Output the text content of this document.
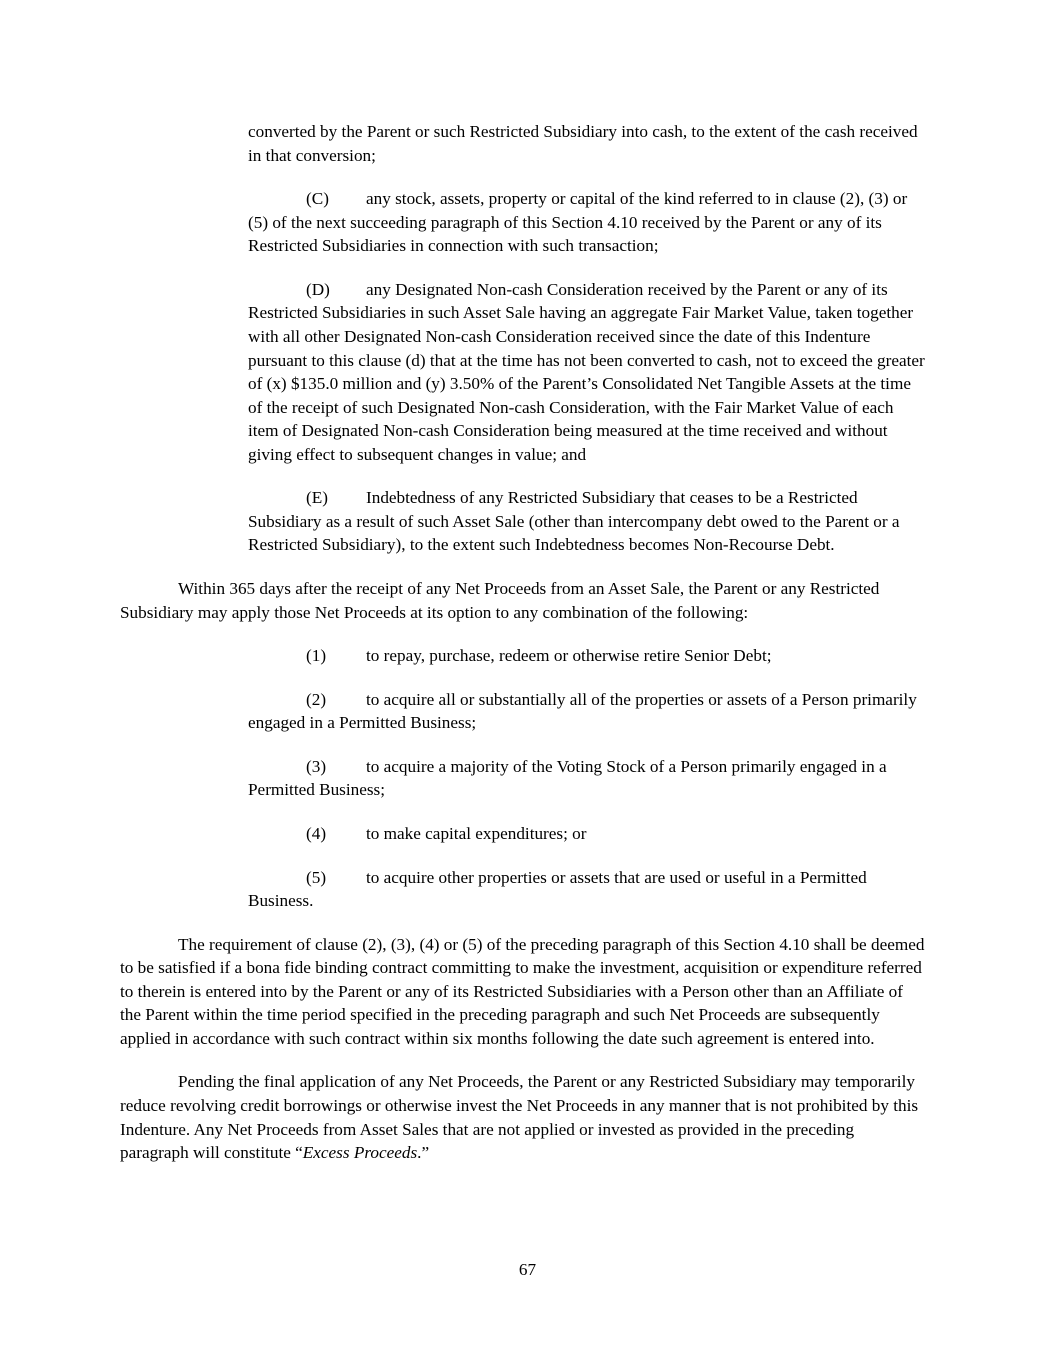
converted by the Parent or such Restricted Subsidiary into cash, to the extent of the cash received in that conversion;

(C) any stock, assets, property or capital of the kind referred to in clause (2), (3) or (5) of the next succeeding paragraph of this Section 4.10 received by the Parent or any of its Restricted Subsidiaries in connection with such transaction;

(D) any Designated Non-cash Consideration received by the Parent or any of its Restricted Subsidiaries in such Asset Sale having an aggregate Fair Market Value, taken together with all other Designated Non-cash Consideration received since the date of this Indenture pursuant to this clause (d) that at the time has not been converted to cash, not to exceed the greater of (x) $135.0 million and (y) 3.50% of the Parent’s Consolidated Net Tangible Assets at the time of the receipt of such Designated Non-cash Consideration, with the Fair Market Value of each item of Designated Non-cash Consideration being measured at the time received and without giving effect to subsequent changes in value; and

(E) Indebtedness of any Restricted Subsidiary that ceases to be a Restricted Subsidiary as a result of such Asset Sale (other than intercompany debt owed to the Parent or a Restricted Subsidiary), to the extent such Indebtedness becomes Non-Recourse Debt.

Within 365 days after the receipt of any Net Proceeds from an Asset Sale, the Parent or any Restricted Subsidiary may apply those Net Proceeds at its option to any combination of the following:

(1) to repay, purchase, redeem or otherwise retire Senior Debt;

(2) to acquire all or substantially all of the properties or assets of a Person primarily engaged in a Permitted Business;

(3) to acquire a majority of the Voting Stock of a Person primarily engaged in a Permitted Business;

(4) to make capital expenditures; or

(5) to acquire other properties or assets that are used or useful in a Permitted Business.

The requirement of clause (2), (3), (4) or (5) of the preceding paragraph of this Section 4.10 shall be deemed to be satisfied if a bona fide binding contract committing to make the investment, acquisition or expenditure referred to therein is entered into by the Parent or any of its Restricted Subsidiaries with a Person other than an Affiliate of the Parent within the time period specified in the preceding paragraph and such Net Proceeds are subsequently applied in accordance with such contract within six months following the date such agreement is entered into.

Pending the final application of any Net Proceeds, the Parent or any Restricted Subsidiary may temporarily reduce revolving credit borrowings or otherwise invest the Net Proceeds in any manner that is not prohibited by this Indenture. Any Net Proceeds from Asset Sales that are not applied or invested as provided in the preceding paragraph will constitute “Excess Proceeds.”

67
